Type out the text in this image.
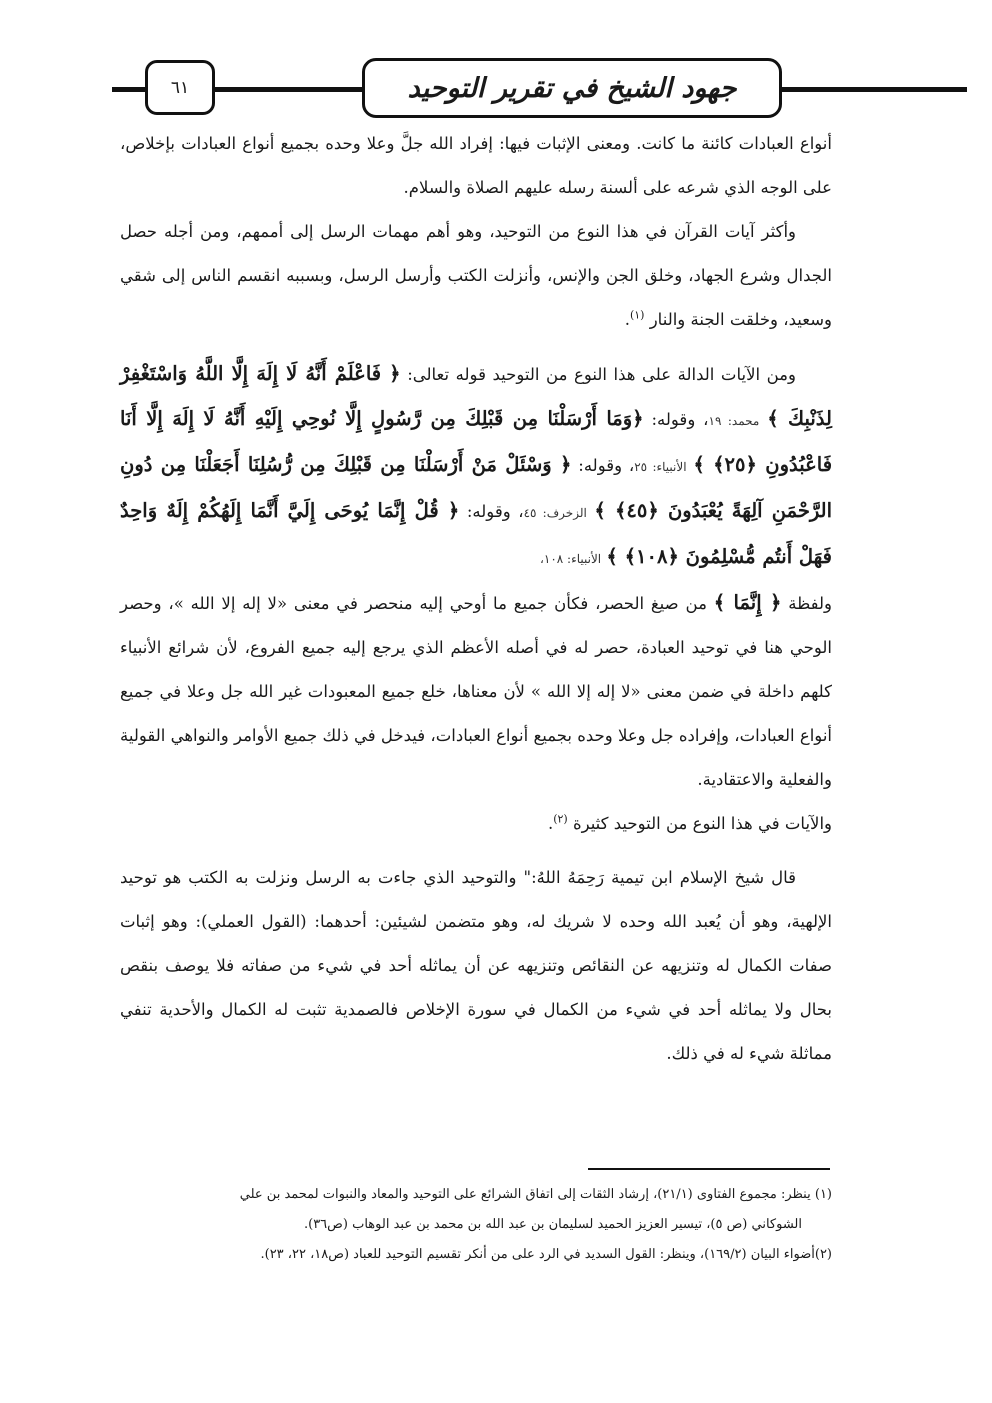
جهود الشيخ في تقرير التوحيد
٦١

أنواع العبادات كائنة ما كانت. ومعنى الإثبات فيها: إفراد الله جلَّ وعلا وحده بجميع أنواع العبادات بإخلاص، على الوجه الذي شرعه على ألسنة رسله عليهم الصلاة والسلام.

وأكثر آيات القرآن في هذا النوع من التوحيد، وهو أهم مهمات الرسل إلى أممهم، ومن أجله حصل الجدال وشرع الجهاد، وخلق الجن والإنس، وأنزلت الكتب وأرسل الرسل، وبسببه انقسم الناس إلى شقي وسعيد، وخلقت الجنة والنار $^{(١)}$.

ومن الآيات الدالة على هذا النوع من التوحيد قوله تعالى: ﴿ فَاعْلَمْ أَنَّهُ لَا إِلَهَ إِلَّا اللَّهُ وَاسْتَغْفِرْ لِذَنْبِكَ ﴾ محمد: ١٩، وقوله: ﴿وَمَا أَرْسَلْنَا مِن قَبْلِكَ مِن رَّسُولٍ إِلَّا نُوحِي إِلَيْهِ أَنَّهُ لَا إِلَهَ إِلَّا أَنَا فَاعْبُدُونِ ﴿٢٥﴾ ﴾ الأنبياء: ٢٥، وقوله: ﴿ وَسْئَلْ مَنْ أَرْسَلْنَا مِن قَبْلِكَ مِن رُّسُلِنَا أَجَعَلْنَا مِن دُونِ الرَّحْمَنِ آلِهَةً يُعْبَدُونَ ﴿٤٥﴾ ﴾ الزخرف: ٤٥، وقوله: ﴿ قُلْ إِنَّمَا يُوحَى إِلَيَّ أَنَّمَا إِلَهُكُمْ إِلَهٌ وَاحِدٌ فَهَلْ أَنتُم مُّسْلِمُونَ ﴿١٠٨﴾ ﴾ الأنبياء: ١٠٨،

ولفظة ﴿ إِنَّمَا ﴾ من صيغ الحصر، فكأن جميع ما أوحي إليه منحصر في معنى «لا إله إلا الله »، وحصر الوحي هنا في توحيد العبادة، حصر له في أصله الأعظم الذي يرجع إليه جميع الفروع، لأن شرائع الأنبياء كلهم داخلة في ضمن معنى «لا إله إلا الله » لأن معناها، خلع جميع المعبودات غير الله جل وعلا في جميع أنواع العبادات، وإفراده جل وعلا وحده بجميع أنواع العبادات، فيدخل في ذلك جميع الأوامر والنواهي القولية والفعلية والاعتقادية.

والآيات في هذا النوع من التوحيد كثيرة $^{(٢)}$.

قال شيخ الإسلام ابن تيمية رَحِمَهُ اللهُ:" والتوحيد الذي جاءت به الرسل ونزلت به الكتب هو توحيد الإلهية، وهو أن يُعبد الله وحده لا شريك له، وهو متضمن لشيئين: أحدهما: (القول العملي): وهو إثبات صفات الكمال له وتنزيهه عن النقائص وتنزيهه عن أن يماثله أحد في شيء من صفاته فلا يوصف بنقص بحال ولا يماثله أحد في شيء من الكمال في سورة الإخلاص فالصمدية تثبت له الكمال والأحدية تنفي مماثلة شيء له في ذلك.

(١) ينظر: مجموع الفتاوى (٢١/١)، إرشاد الثقات إلى اتفاق الشرائع على التوحيد والمعاد والنبوات لمحمد بن علي

الشوكاني (ص ٥)، تيسير العزيز الحميد لسليمان بن عبد الله بن محمد بن عبد الوهاب (ص٣٦).

(٢)أضواء البيان (١٦٩/٢)، وينظر: القول السديد في الرد على من أنكر تقسيم التوحيد للعباد (ص١٨، ٢٢، ٢٣).
